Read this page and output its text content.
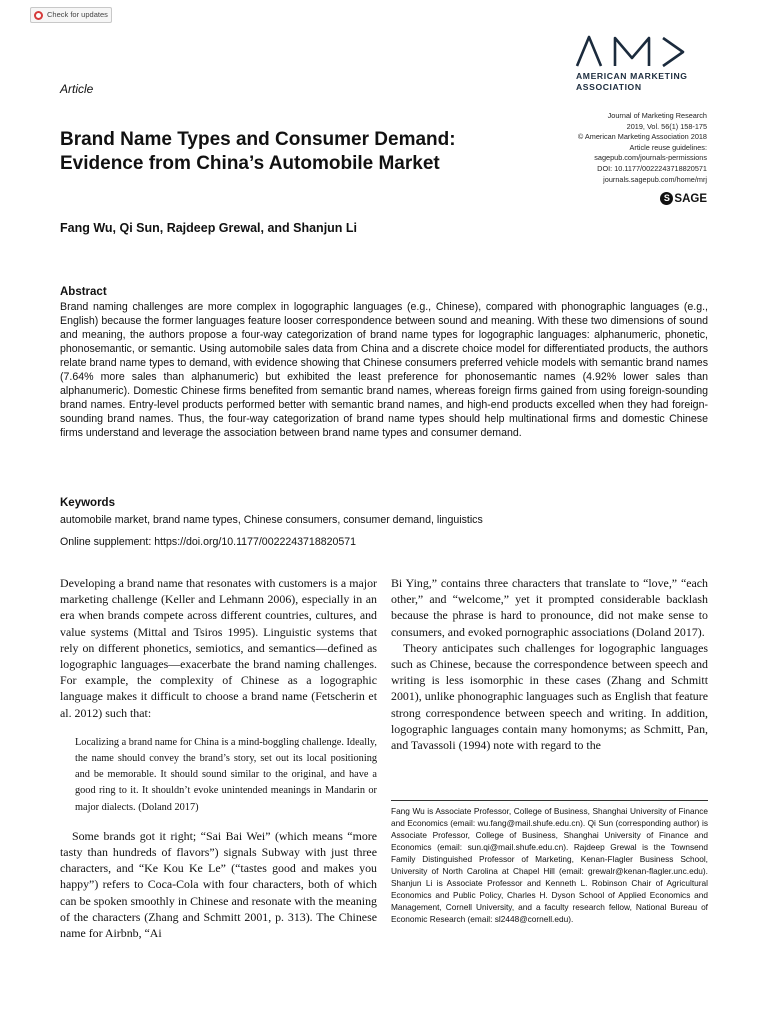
Check for updates
AM>
AMERICAN MARKETING
ASSOCIATION
Article
Brand Name Types and Consumer Demand:
Evidence from China’s Automobile Market
Journal of Marketing Research
2019, Vol. 56(1) 158-175
© American Marketing Association 2018
Article reuse guidelines:
sagepub.com/journals-permissions
DOI: 10.1177/0022243718820571
journals.sagepub.com/home/mrj
S SAGE
Fang Wu, Qi Sun, Rajdeep Grewal, and Shanjun Li
Abstract

Brand naming challenges are more complex in logographic languages (e.g., Chinese), compared with phonographic languages (e.g., English) because the former languages feature looser correspondence between sound and meaning. With these two dimensions of sound and meaning, the authors propose a four-way categorization of brand name types for logographic languages: alphanumeric, phonetic, phonosemantic, or semantic. Using automobile sales data from China and a discrete choice model for differentiated products, the authors relate brand name types to demand, with evidence showing that Chinese consumers preferred vehicle models with semantic brand names (7.64% more sales than alphanumeric) but exhibited the least preference for phonosemantic names (4.92% lower sales than alphanumeric). Domestic Chinese firms benefited from semantic brand names, whereas foreign firms gained from using foreign-sounding brand names. Entry-level products performed better with semantic brand names, and high-end products excelled when they had foreign-sounding brand names. Thus, the four-way categorization of brand name types should help multinational firms and domestic Chinese firms understand and leverage the association between brand name types and consumer demand.

Keywords
automobile market, brand name types, Chinese consumers, consumer demand, linguistics
Online supplement: https://doi.org/10.1177/0022243718820571

Developing a brand name that resonates with customers is a major marketing challenge (Keller and Lehmann 2006), especially in an era when brands compete across different countries, cultures, and value systems (Mittal and Tsiros 1995). Linguistic systems that rely on different phonetics, semiotics, and semantics—defined as logographic languages—exacerbate the brand naming challenges. For example, the complexity of Chinese as a logographic language makes it difficult to choose a brand name (Fetscherin et al. 2012) such that:

Localizing a brand name for China is a mind-boggling challenge. Ideally, the name should convey the brand’s story, set out its local positioning and be memorable. It should sound similar to the original, and have a good ring to it. It shouldn’t evoke unintended meanings in Mandarin or major dialects. (Doland 2017)

Some brands got it right; “Sai Bai Wei” (which means “more tasty than hundreds of flavors”) signals Subway with just three characters, and “Ke Kou Ke Le” (“tastes good and makes you happy”) refers to Coca-Cola with four characters, both of which can be spoken smoothly in Chinese and resonate with the meaning of the characters (Zhang and Schmitt 2001, p. 313). The Chinese name for Airbnb, “Ai

Bi Ying,” contains three characters that translate to “love,” “each other,” and “welcome,” yet it prompted considerable backlash because the phrase is hard to pronounce, did not make sense to consumers, and evoked pornographic associations (Doland 2017).

Theory anticipates such challenges for logographic languages such as Chinese, because the correspondence between speech and writing is less isomorphic in these cases (Zhang and Schmitt 2001), unlike phonographic languages such as English that feature strong correspondence between speech and writing. In addition, logographic languages contain many homonyms; as Schmitt, Pan, and Tavassoli (1994) note with regard to the

Fang Wu is Associate Professor, College of Business, Shanghai University of Finance and Economics (email: wu.fang@mail.shufe.edu.cn). Qi Sun (corresponding author) is Associate Professor, College of Business, Shanghai University of Finance and Economics (email: sun.qi@mail.shufe.edu.cn). Rajdeep Grewal is the Townsend Family Distinguished Professor of Marketing, Kenan-Flagler Business School, University of North Carolina at Chapel Hill (email: grewalr@kenan-flagler.unc.edu). Shanjun Li is Associate Professor and Kenneth L. Robinson Chair of Agricultural Economics and Public Policy, Charles H. Dyson School of Applied Economics and Management, Cornell University, and a faculty research fellow, National Bureau of Economic Research (email: sl2448@cornell.edu).
